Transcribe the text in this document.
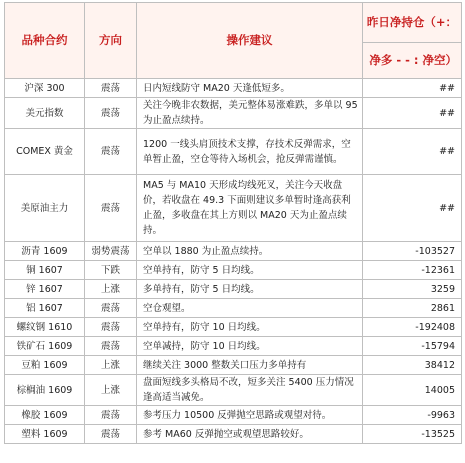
品种合约	方向	操作建议	昨日净持仓（+：
			净多 - - : 净空）
沪深 300	震荡	日内短线防守 MA20 天逢低短多。	##
美元指数	震荡	关注今晚非农数据，美元整体易涨难跌，多单以 95 为止盈点续持。	##
COMEX 黄金	震荡	1200 一线头肩顶技术支撑，存技术反弹需求，空单暂止盈，空仓等待入场机会，抢反弹需谨慎。	##
美原油主力	震荡	MA5 与 MA10 天形成均线死叉，关注今天收盘价，若收盘在 49.3 下面则建议多单暂时逢高获利止盈，多收盘在其上方则以 MA20 天为止盈点续持。	##
沥青 1609	弱势震荡	空单以 1880 为止盈点续持。	-103527
铜 1607	下跌	空单持有，防守 5 日均线。	-12361
锌 1607	上涨	多单持有，防守 5 日均线。	3259
铝 1607	震荡	空仓观望。	2861
螺纹钢 1610	震荡	空单持有，防守 10 日均线。	-192408
铁矿石 1609	震荡	空单减持，防守 10 日均线。	-15794
豆粕 1609	上涨	继续关注 3000 整数关口压力多单持有	38412
棕榈油 1609	上涨	盘面短线多头格局不改，短多关注 5400 压力情况逢高适当减免。	14005
橡胶 1609	震荡	参考压力 10500 反弹抛空思路或观望对待。	-9963
塑料 1609	震荡	参考 MA60 反弹抛空或观望思路较好。	-13525
